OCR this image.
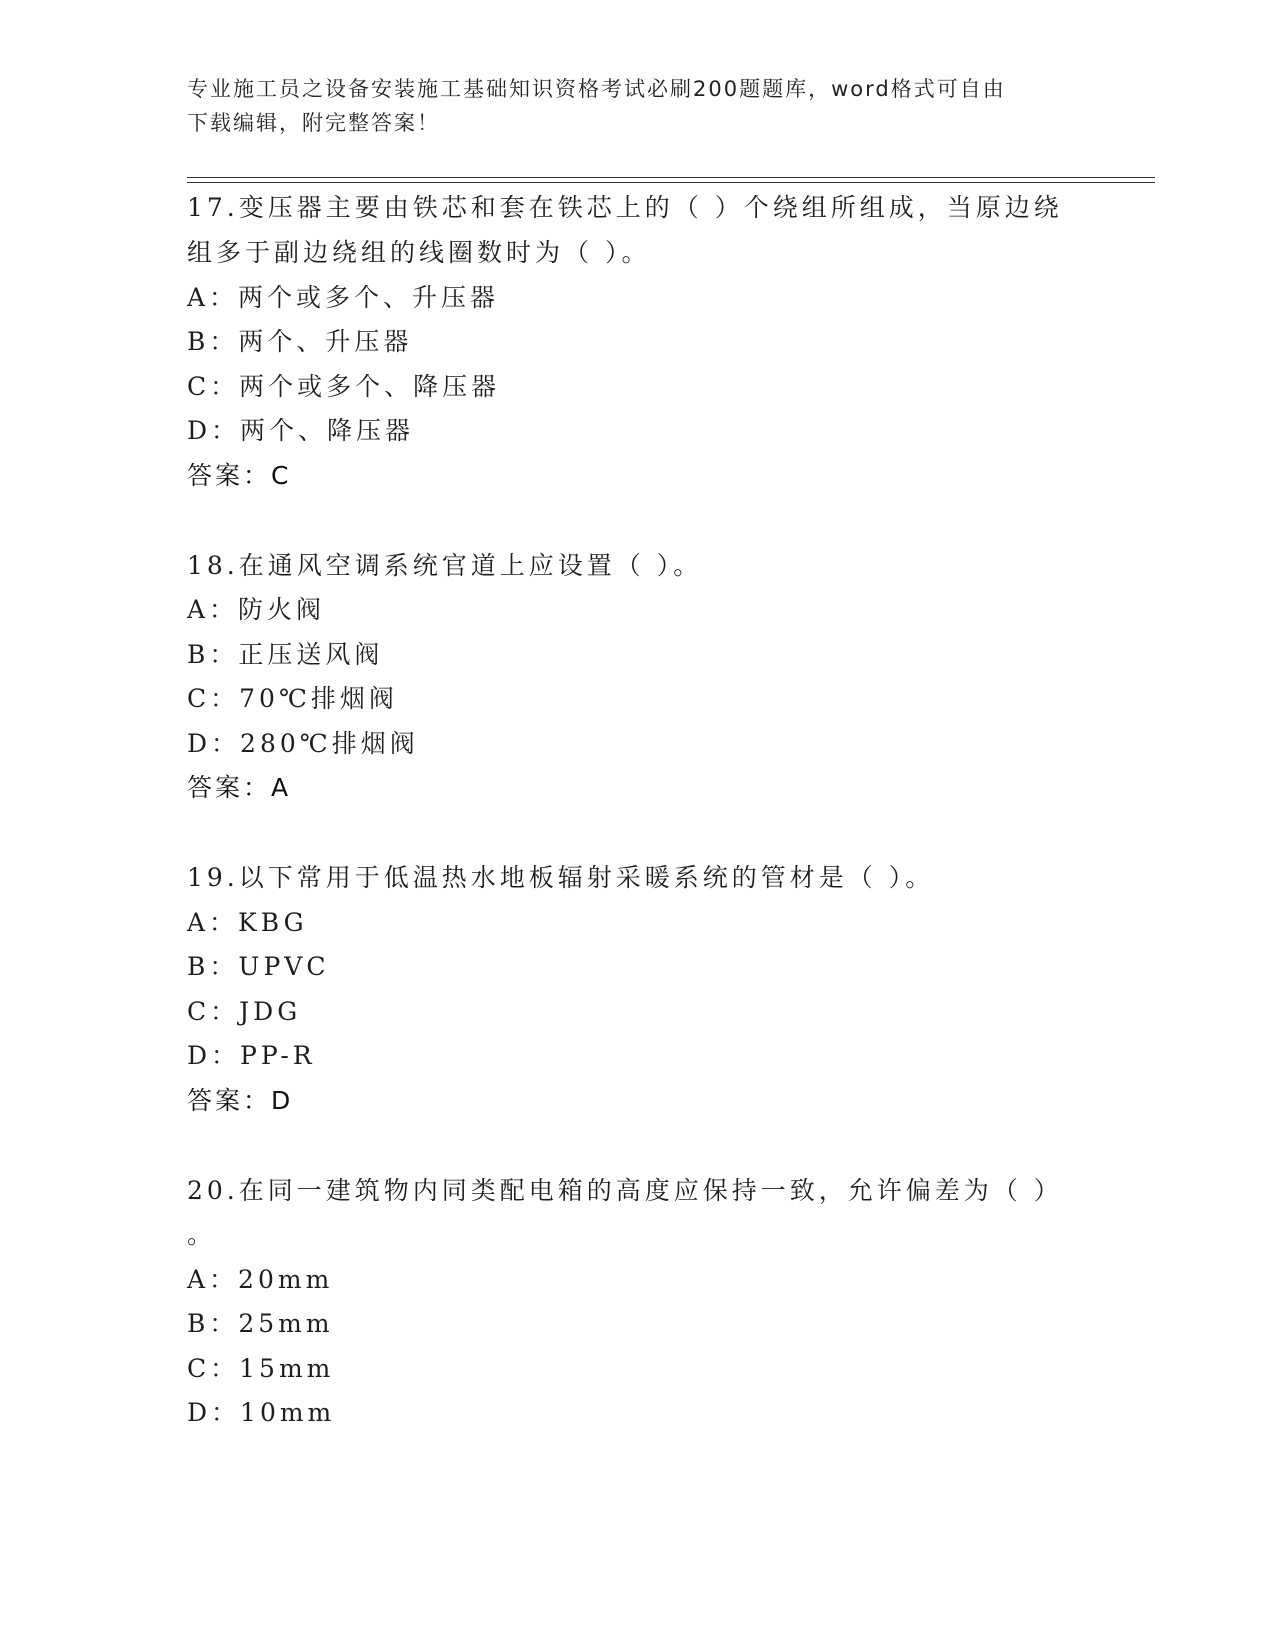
专业施工员之设备安装施工基础知识资格考试必刷200题题库，word格式可自由
下载编辑，附完整答案！
17.变压器主要由铁芯和套在铁芯上的（ ）个绕组所组成，当原边绕
组多于副边绕组的线圈数时为（ ）。
A：两个或多个、升压器
B：两个、升压器
C：两个或多个、降压器
D：两个、降压器
答案：C
18.在通风空调系统官道上应设置（ ）。
A：防火阀
B：正压送风阀
C：70℃排烟阀
D：280℃排烟阀
答案：A
19.以下常用于低温热水地板辐射采暖系统的管材是（ ）。
A：KBG
B：UPVC
C：JDG
D：PP-R
答案：D
20.在同一建筑物内同类配电箱的高度应保持一致，允许偏差为（ ）
。
A：20mm
B：25mm
C：15mm
D：10mm
